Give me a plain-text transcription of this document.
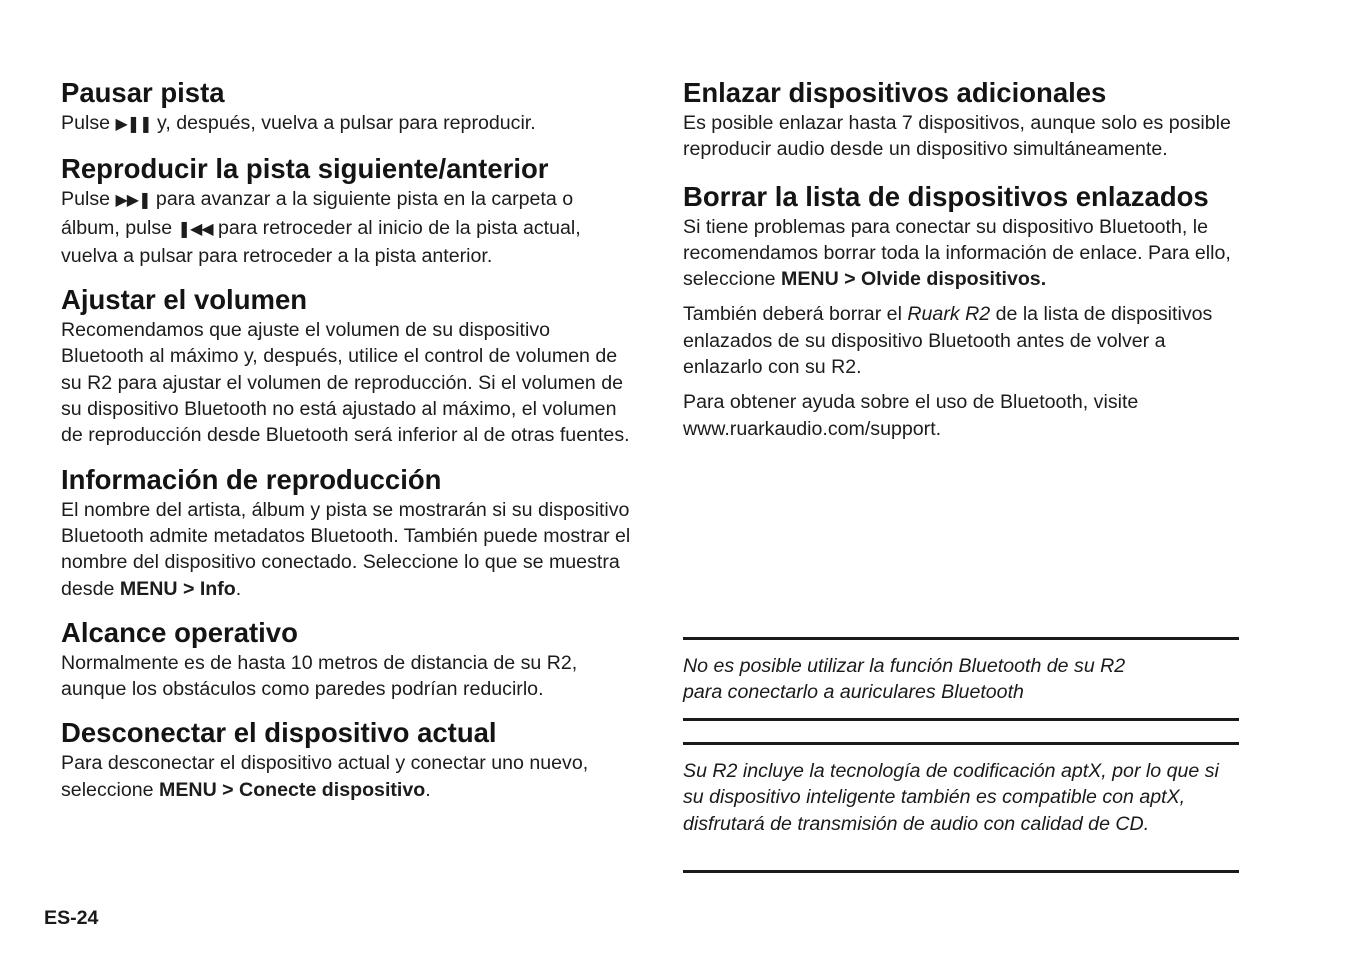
Pausar pista

Pulse ▶❚❚ y, después, vuelva a pulsar para reproducir.

Reproducir la pista siguiente/anterior

Pulse ▶▶❚ para avanzar a la siguiente pista en la carpeta o álbum, pulse ❚◀◀ para retroceder al inicio de la pista actual, vuelva a pulsar para retroceder a la pista anterior.

Ajustar el volumen

Recomendamos que ajuste el volumen de su dispositivo Bluetooth al máximo y, después, utilice el control de volumen de su R2 para ajustar el volumen de reproducción. Si el volumen de su dispositivo Bluetooth no está ajustado al máximo, el volumen de reproducción desde Bluetooth será inferior al de otras fuentes.

Información de reproducción

El nombre del artista, álbum y pista se mostrarán si su dispositivo Bluetooth admite metadatos Bluetooth. También puede mostrar el nombre del dispositivo conectado. Seleccione lo que se muestra desde MENU > Info.

Alcance operativo

Normalmente es de hasta 10 metros de distancia de su R2, aunque los obstáculos como paredes podrían reducirlo.

Desconectar el dispositivo actual

Para desconectar el dispositivo actual y conectar uno nuevo, seleccione MENU > Conecte dispositivo.

Enlazar dispositivos adicionales

Es posible enlazar hasta 7 dispositivos, aunque solo es posible reproducir audio desde un dispositivo simultáneamente.

Borrar la lista de dispositivos enlazados

Si tiene problemas para conectar su dispositivo Bluetooth, le recomendamos borrar toda la información de enlace. Para ello, seleccione MENU > Olvide dispositivos.

También deberá borrar el Ruark R2 de la lista de dispositivos enlazados de su dispositivo Bluetooth antes de volver a enlazarlo con su R2.

Para obtener ayuda sobre el uso de Bluetooth, visite www.ruarkaudio.com/support.

No es posible utilizar la función Bluetooth de su R2 para conectarlo a auriculares Bluetooth
Su R2 incluye la tecnología de codificación aptX, por lo que si su dispositivo inteligente también es compatible con aptX, disfrutará de transmisión de audio con calidad de CD.
ES-24
